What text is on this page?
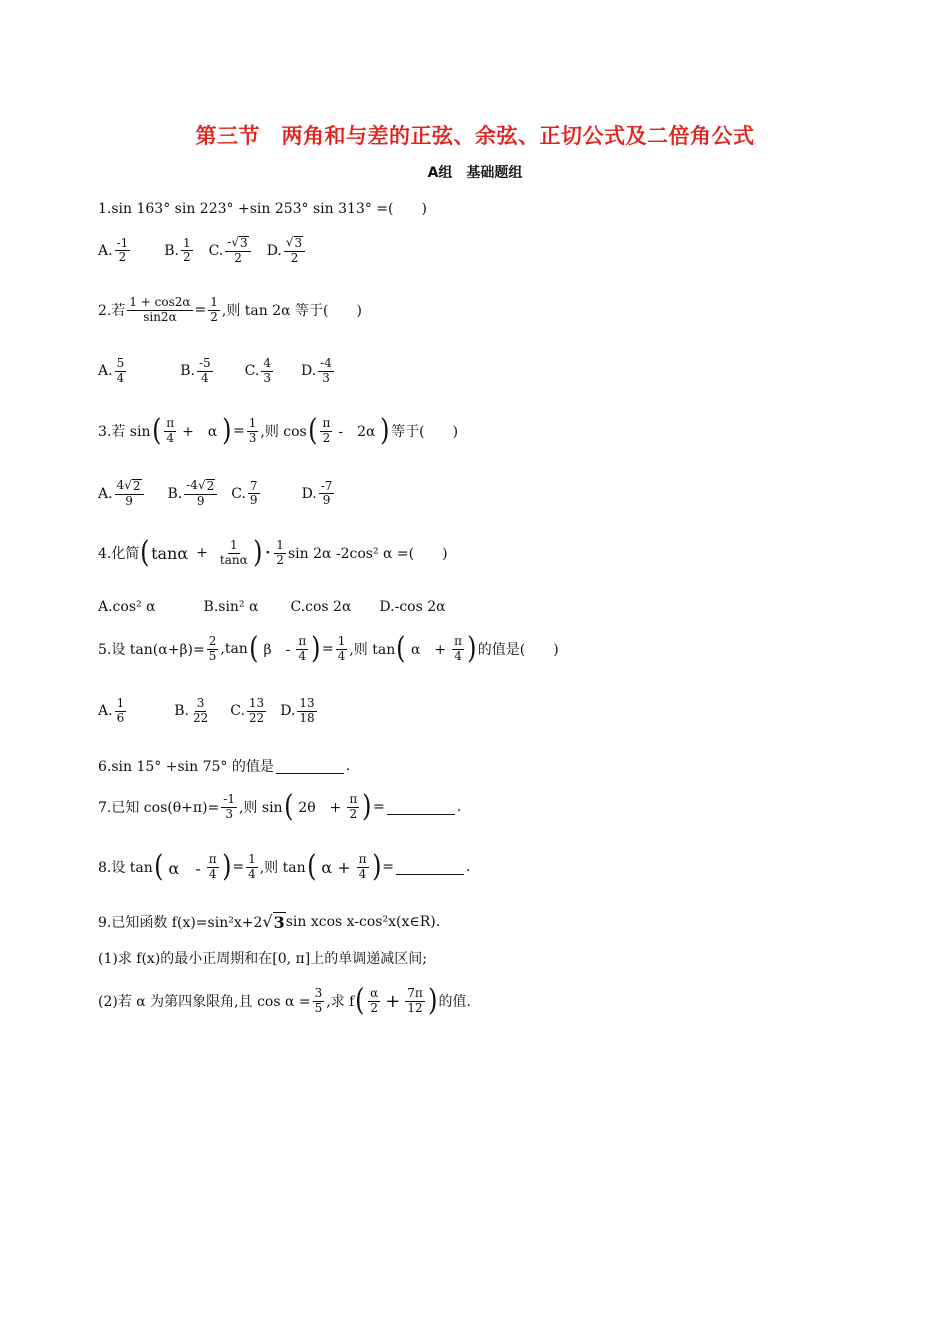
第三节　两角和与差的正弦、余弦、正切公式及二倍角公式
A组　基础题组
1.sin 163° sin 223° +sin 253° sin 313° =(　　)
A. $\frac{-1}{2} B$. $\frac{1}{2} C$. $\frac{- √ 3}{2} D$. $\frac{√ 3}{2}$
2.若 $\frac{1 + \cos 2\alpha}{\sin 2\alpha} = \frac{1}{2}$ ,则 tan 2α 等于(　　)
A. $\frac{5}{4}$	B. $\frac{-5}{4} C$. $\frac{4}{3} D$. $\frac{-4}{3}$
3.若 sin ( $\frac{\pi}{4}$ +　α ) = $\frac{1}{3}$ ,则 cos ( $\frac{\pi}{2}$ -　2α ) 等于(　　)
A. $\frac{4 √ 2}{9} B$. $\frac{-4 √ 2}{9} C$. $\frac{7}{9}$	D. $\frac{-7}{9}$
4.化简 ( $\tan\alpha + \frac{1}{\tan\alpha}$ ) · $\frac{1}{2}$ sin 2α -2cos² α =(　　)
A.cos² α	B.sin² α C.cos 2α D.-cos 2α
5.设 $\tan(\alpha+\beta)= \frac{2}{5} ,\tan$ ( β　- $\frac{\pi}{4}$ ) = $\frac{1}{4}$ ,则 tan ( α　+ $\frac{\pi}{4}$ ) 的值是(　　)
A. $\frac{1}{6}$	B. $\frac{3}{22} C$. $\frac{13}{22} D$. $\frac{13}{18}$
6.sin 15° +sin 75° 的值是	.
7.已知 $\cos(\theta+\pi)= \frac{-1}{3}$ ,则 sin ( 2θ　+ $\frac{\pi}{2}$ ) =	.
8.设 tan ( α　- $\frac{\pi}{4}$ ) = $\frac{1}{4}$ ,则 tan ( $\alpha + \frac{\pi}{4}$ ) =	.
9.已知函数 f(x)=sin²x+2 √ 3 sin xcos x-cos²x(x∈R).
(1)求 f(x)的最小正周期和在[0, π]上的单调递减区间;
(2)若 α 为第四象限角,且 $\cos \alpha = \frac{3}{5}$ ,求 f ( $\frac{\alpha}{2} + \frac{7\pi}{12}$ ) 的值.
